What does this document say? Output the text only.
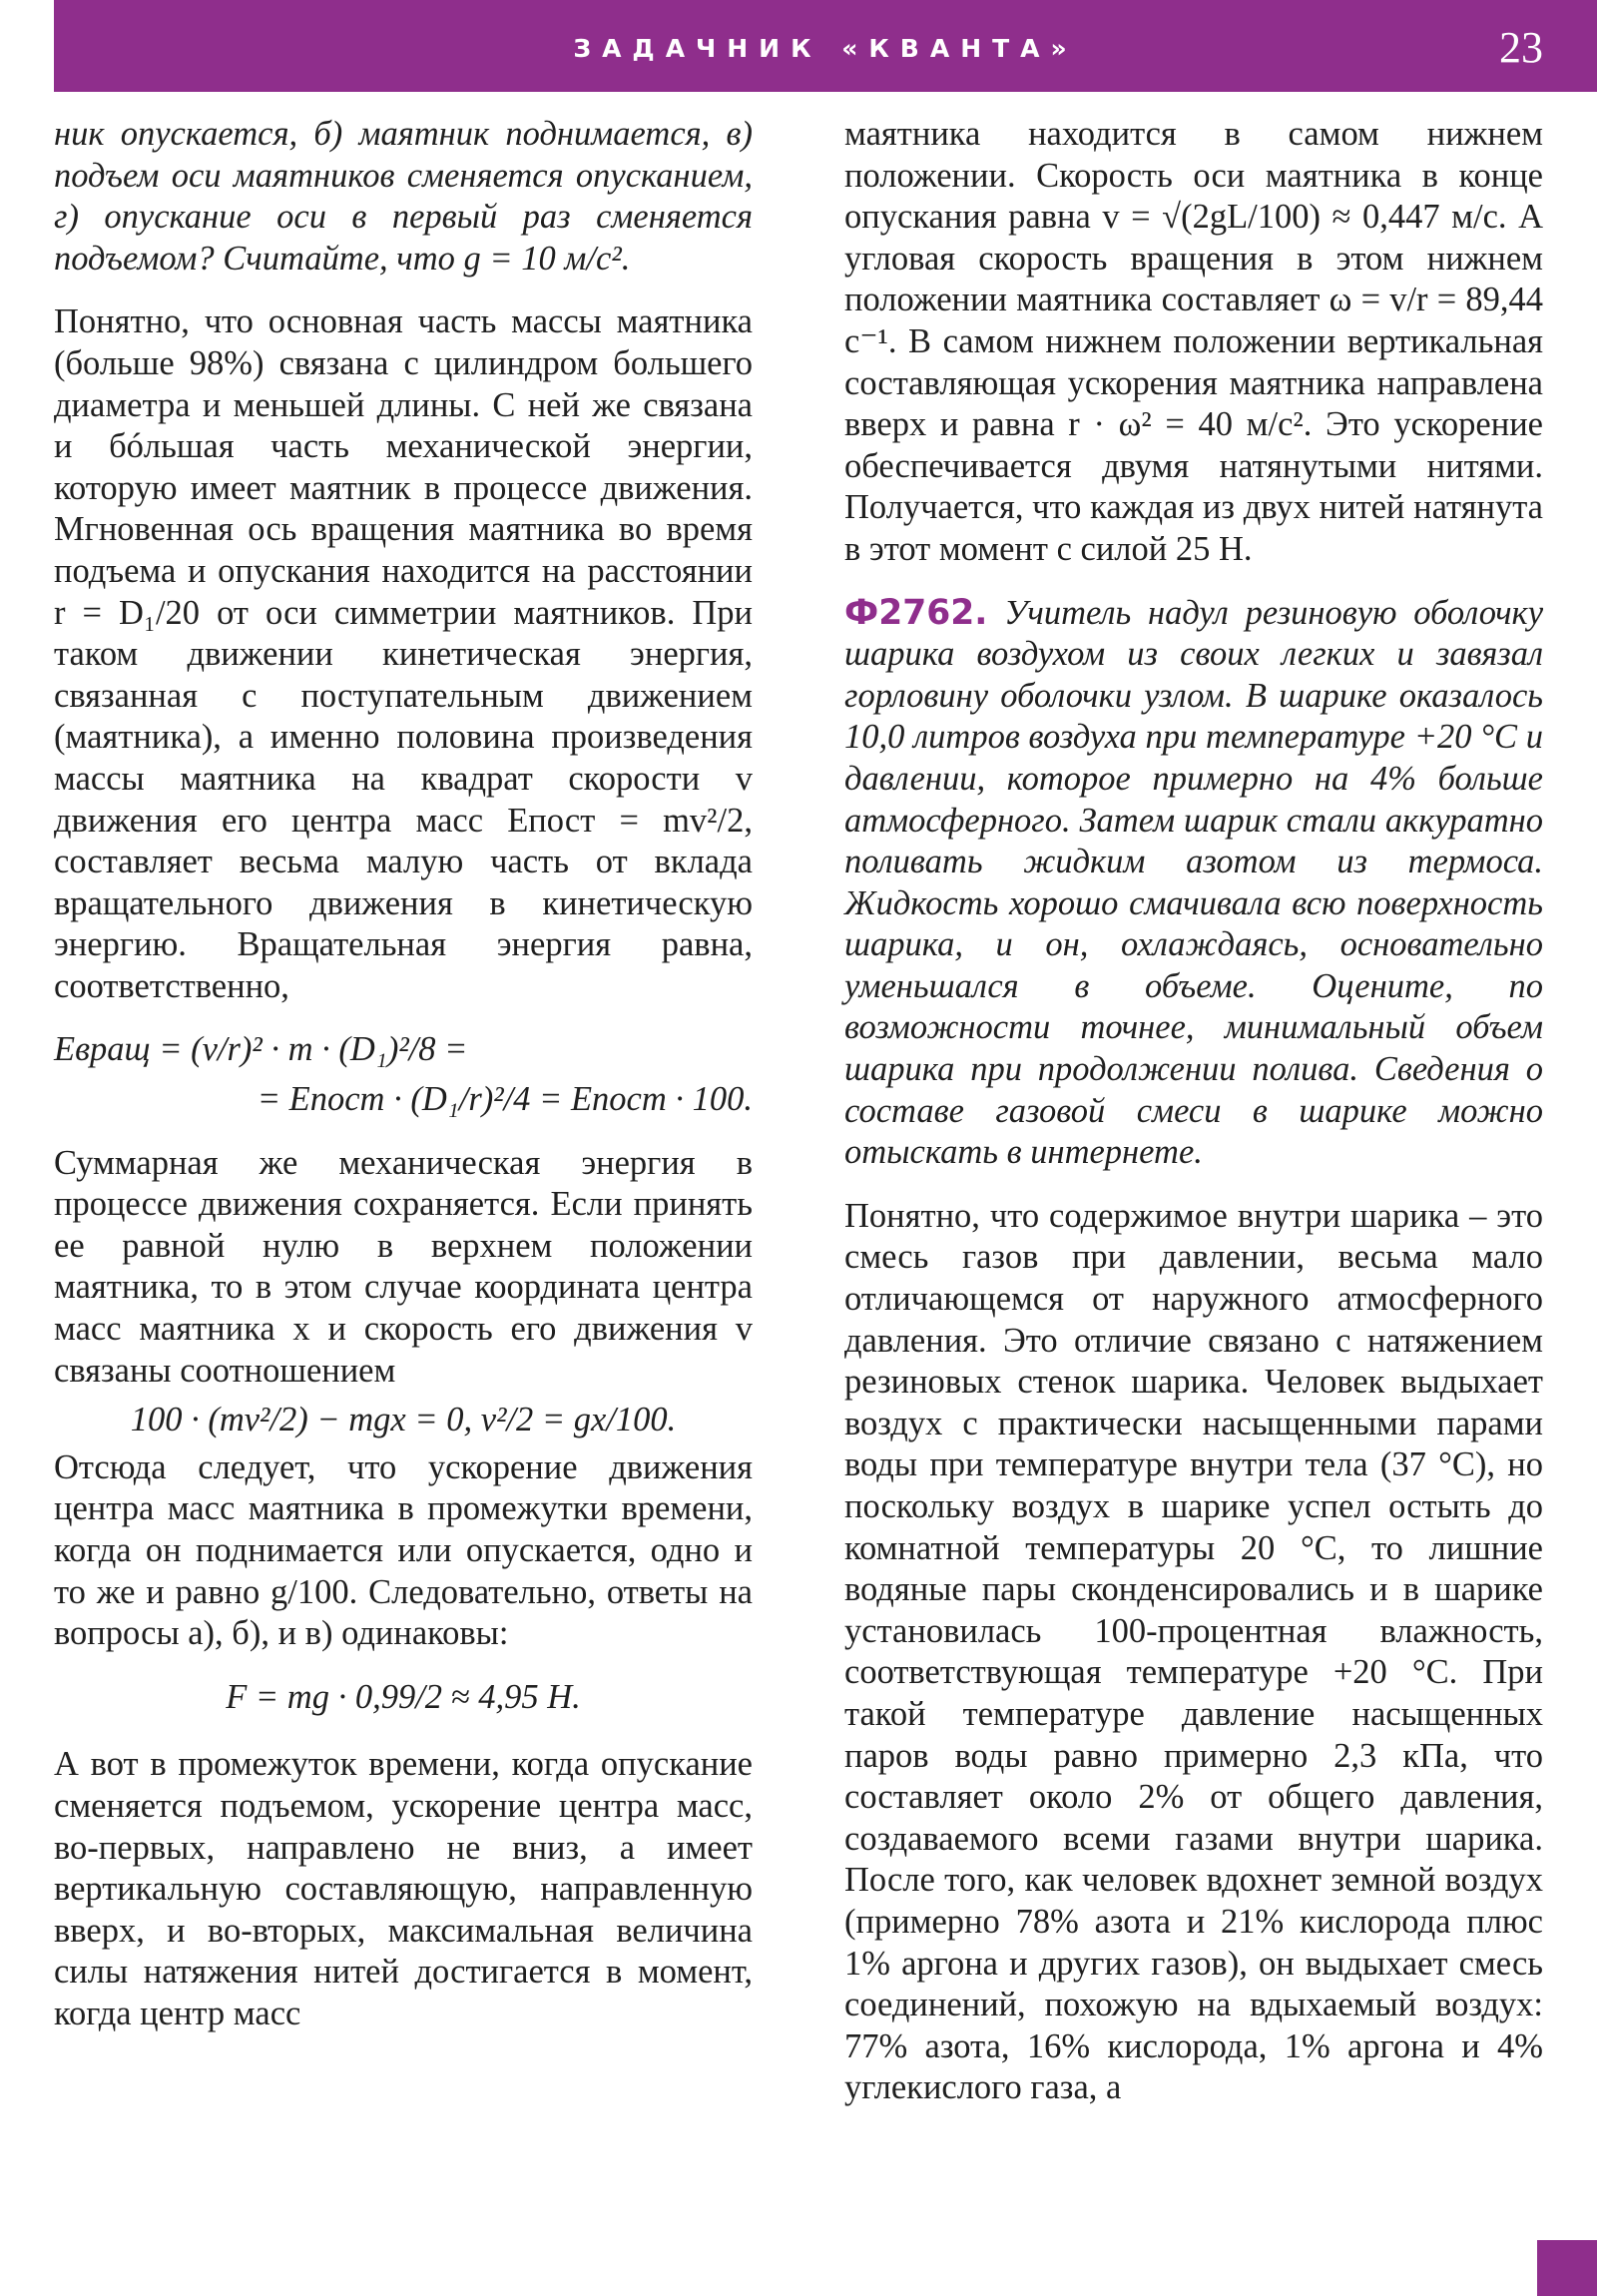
ЗАДАЧНИК «КВАНТА»	23

ник опускается, б) маятник поднимается, в) подъем оси маятников сменяется опусканием, г) опускание оси в первый раз сменяется подъемом? Считайте, что g = 10 м/c².

Понятно, что основная часть массы маятника (больше 98%) связана с цилиндром большего диаметра и меньшей длины. С ней же связана и бóльшая часть механической энергии, которую имеет маятник в процессе движения. Мгновенная ось вращения маятника во время подъема и опускания находится на расстоянии r = D₁/20 от оси симметрии маятников. При таком движении кинетическая энергия, связанная с поступательным движением (маятника), а именно половина произведения массы маятника на квадрат скорости v движения его центра масс Eпост = mv²/2, составляет весьма малую часть от вклада вращательного движения в кинетическую энергию. Вращательная энергия равна, соответственно,

Eвращ = (v/r)² · m · (D₁)²/8 =
= Eпост · (D₁/r)²/4 = Eпост · 100.

Суммарная же механическая энергия в процессе движения сохраняется. Если принять ее равной нулю в верхнем положении маятника, то в этом случае координата центра масс маятника x и скорость его движения v связаны соотношением

100 · (mv²/2) − mgx = 0, v²/2 = gx/100.

Отсюда следует, что ускорение движения центра масс маятника в промежутки времени, когда он поднимается или опускается, одно и то же и равно g/100. Следовательно, ответы на вопросы а), б), и в) одинаковы:

F = mg · 0,99/2 ≈ 4,95 Н.

А вот в промежуток времени, когда опускание сменяется подъемом, ускорение центра масс, во-первых, направлено не вниз, а имеет вертикальную составляющую, направленную вверх, и во-вторых, максимальная величина силы натяжения нитей достигается в момент, когда центр масс

маятника находится в самом нижнем положении. Скорость оси маятника в конце опускания равна v = √(2gL/100) ≈ 0,447 м/с. А угловая скорость вращения в этом нижнем положении маятника составляет ω = v/r = 89,44 с⁻¹. В самом нижнем положении вертикальная составляющая ускорения маятника направлена вверх и равна r · ω² = 40 м/с². Это ускорение обеспечивается двумя натянутыми нитями. Получается, что каждая из двух нитей натянута в этот момент с силой 25 Н.

Ф2762. Учитель надул резиновую оболочку шарика воздухом из своих легких и завязал горловину оболочки узлом. В шарике оказалось 10,0 литров воздуха при температуре +20 °С и давлении, которое примерно на 4% больше атмосферного. Затем шарик стали аккуратно поливать жидким азотом из термоса. Жидкость хорошо смачивала всю поверхность шарика, и он, охлаждаясь, основательно уменьшался в объеме. Оцените, по возможности точнее, минимальный объем шарика при продолжении полива. Сведения о составе газовой смеси в шарике можно отыскать в интернете.

Понятно, что содержимое внутри шарика – это смесь газов при давлении, весьма мало отличающемся от наружного атмосферного давления. Это отличие связано с натяжением резиновых стенок шарика. Человек выдыхает воздух с практически насыщенными парами воды при температуре внутри тела (37 °С), но поскольку воздух в шарике успел остыть до комнатной температуры 20 °С, то лишние водяные пары сконденсировались и в шарике установилась 100-процентная влажность, соответствующая температуре +20 °С. При такой температуре давление насыщенных паров воды равно примерно 2,3 кПа, что составляет около 2% от общего давления, создаваемого всеми газами внутри шарика. После того, как человек вдохнет земной воздух (примерно 78% азота и 21% кислорода плюс 1% аргона и других газов), он выдыхает смесь соединений, похожую на вдыхаемый воздух: 77% азота, 16% кислорода, 1% аргона и 4% углекислого газа, а
